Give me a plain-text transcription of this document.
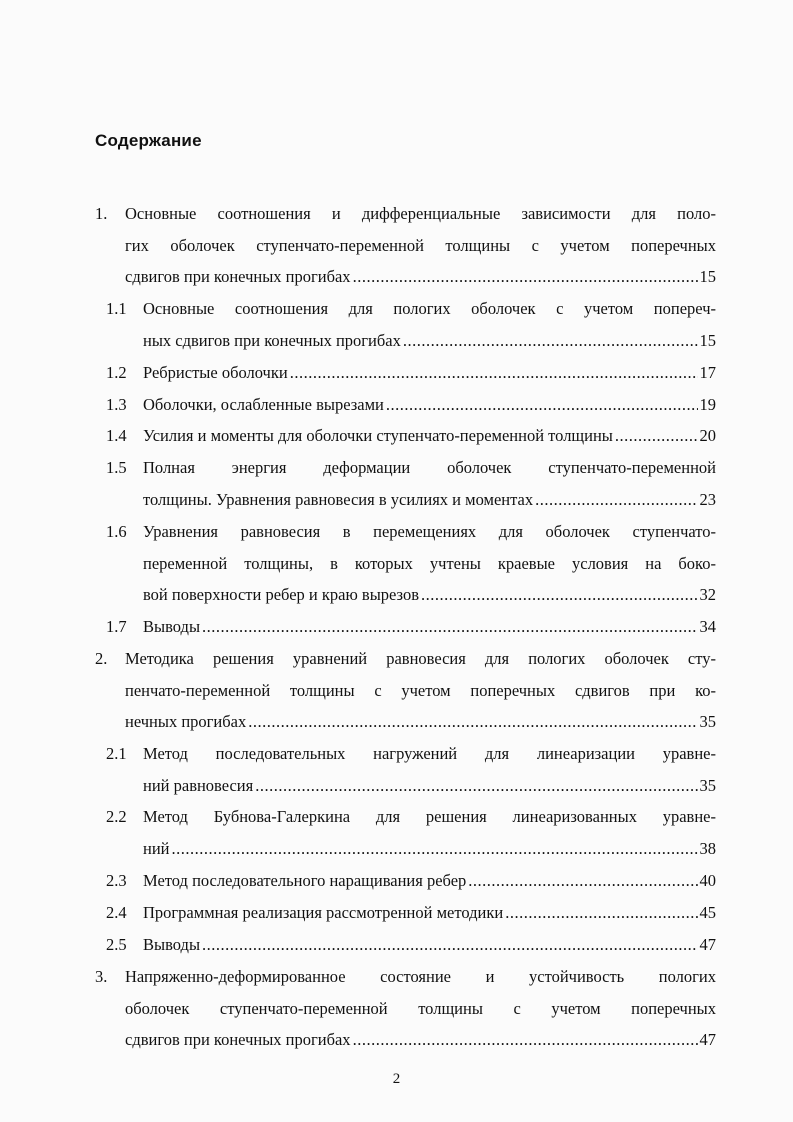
Содержание
1. Основные соотношения и дифференциальные зависимости для поло-
гих оболочек ступенчато-переменной толщины с учетом поперечных
сдвигов при конечных прогибах .....	15
1.1 Основные соотношения для пологих оболочек с учетом попереч-
ных сдвигов при конечных прогибах .....	15
1.2 Ребристые оболочки .....	17
1.3 Оболочки, ослабленные вырезами .....	19
1.4 Усилия и моменты для оболочки ступенчато-переменной толщины .....	20
1.5 Полная энергия деформации оболочек ступенчато-переменной
толщины. Уравнения равновесия в усилиях и моментах .....	23
1.6 Уравнения равновесия в перемещениях для оболочек ступенчато-
переменной толщины, в которых учтены краевые условия на боко-
вой поверхности ребер и краю вырезов .....	32
1.7 Выводы .....	34
2. Методика решения уравнений равновесия для пологих оболочек сту-
пенчато-переменной толщины с учетом поперечных сдвигов при ко-
нечных прогибах .....	35
2.1 Метод последовательных нагружений для линеаризации уравне-
ний равновесия .....	35
2.2 Метод Бубнова-Галеркина для решения линеаризованных уравне-
ний .....	38
2.3 Метод последовательного наращивания ребер .....	40
2.4 Программная реализация рассмотренной методики .....	45
2.5 Выводы .....	47
3. Напряженно-деформированное состояние и устойчивость пологих
оболочек ступенчато-переменной толщины с учетом поперечных
сдвигов при конечных прогибах .....	47
2
